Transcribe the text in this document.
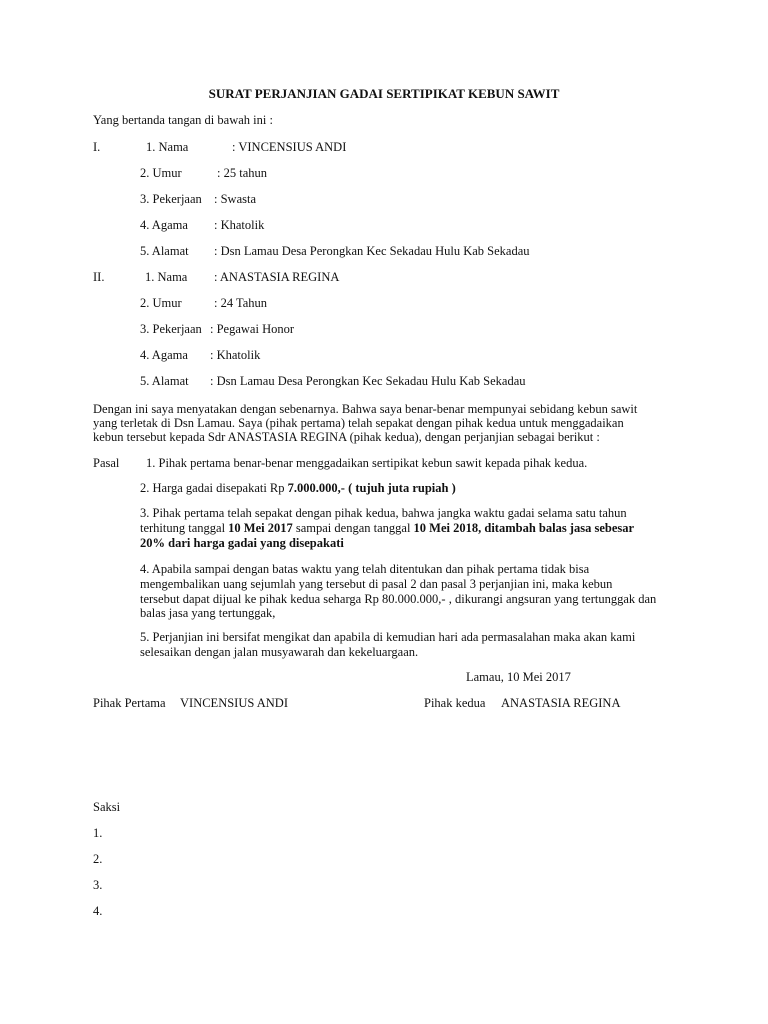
SURAT PERJANJIAN GADAI SERTIPIKAT KEBUN SAWIT
Yang bertanda tangan di bawah ini :
I.	1. Nama	: VINCENSIUS ANDI
2. Umur	: 25 tahun
3. Pekerjaan : Swasta
4. Agama : Khatolik
5. Alamat : Dsn Lamau Desa Perongkan Kec Sekadau Hulu Kab Sekadau
II.	1. Nama : ANASTASIA REGINA
2. Umur	: 24 Tahun
3. Pekerjaan : Pegawai Honor
4. Agama : Khatolik
5. Alamat : Dsn Lamau Desa Perongkan Kec Sekadau Hulu Kab Sekadau
Dengan ini saya menyatakan dengan sebenarnya. Bahwa saya benar-benar mempunyai sebidang kebun sawit
yang terletak di Dsn Lamau. Saya (pihak pertama) telah sepakat dengan pihak kedua untuk menggadaikan
kebun tersebut kepada Sdr ANASTASIA REGINA (pihak kedua), dengan perjanjian sebagai berikut :
Pasal 1. Pihak pertama benar-benar menggadaikan sertipikat kebun sawit kepada pihak kedua.
2. Harga gadai disepakati Rp 7.000.000,- ( tujuh juta rupiah )
3. Pihak pertama telah sepakat dengan pihak kedua, bahwa jangka waktu gadai selama satu tahun
terhitung tanggal 10 Mei 2017 sampai dengan tanggal 10 Mei 2018, ditambah balas jasa sebesar
20% dari harga gadai yang disepakati
4. Apabila sampai dengan batas waktu yang telah ditentukan dan pihak pertama tidak bisa
mengembalikan uang sejumlah yang tersebut di pasal 2 dan pasal 3 perjanjian ini, maka kebun
tersebut dapat dijual ke pihak kedua seharga Rp 80.000.000,- , dikurangi angsuran yang tertunggak dan
balas jasa yang tertunggak,
5. Perjanjian ini bersifat mengikat dan apabila di kemudian hari ada permasalahan maka akan kami
selesaikan dengan jalan musyawarah dan kekeluargaan.
Lamau, 10 Mei 2017
Pihak Pertama VINCENSIUS ANDI	Pihak kedua ANASTASIA REGINA
Saksi
1.
2.
3.
4.
